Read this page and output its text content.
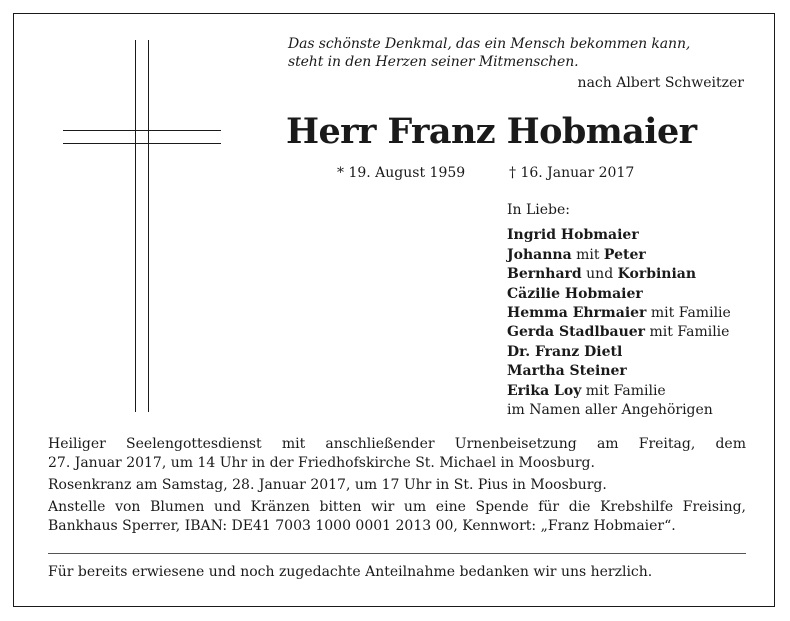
Das schönste Denkmal, das ein Mensch bekommen kann,
steht in den Herzen seiner Mitmenschen.
nach Albert Schweitzer
Herr Franz Hobmaier
* 19. August 1959	† 16. Januar 2017
In Liebe:
Ingrid Hobmaier
Johanna mit Peter
Bernhard und Korbinian
Cäzilie Hobmaier
Hemma Ehrmaier mit Familie
Gerda Stadlbauer mit Familie
Dr. Franz Dietl
Martha Steiner
Erika Loy mit Familie
im Namen aller Angehörigen

Heiliger Seelengottesdienst mit anschließender Urnenbeisetzung am Freitag, dem
27. Januar 2017, um 14 Uhr in der Friedhofskirche St. Michael in Moosburg.

Rosenkranz am Samstag, 28. Januar 2017, um 17 Uhr in St. Pius in Moosburg.

Anstelle von Blumen und Kränzen bitten wir um eine Spende für die Krebshilfe Freising,
Bankhaus Sperrer, IBAN: DE41 7003 1000 0001 2013 00, Kennwort: „Franz Hobmaier“.

Für bereits erwiesene und noch zugedachte Anteilnahme bedanken wir uns herzlich.
